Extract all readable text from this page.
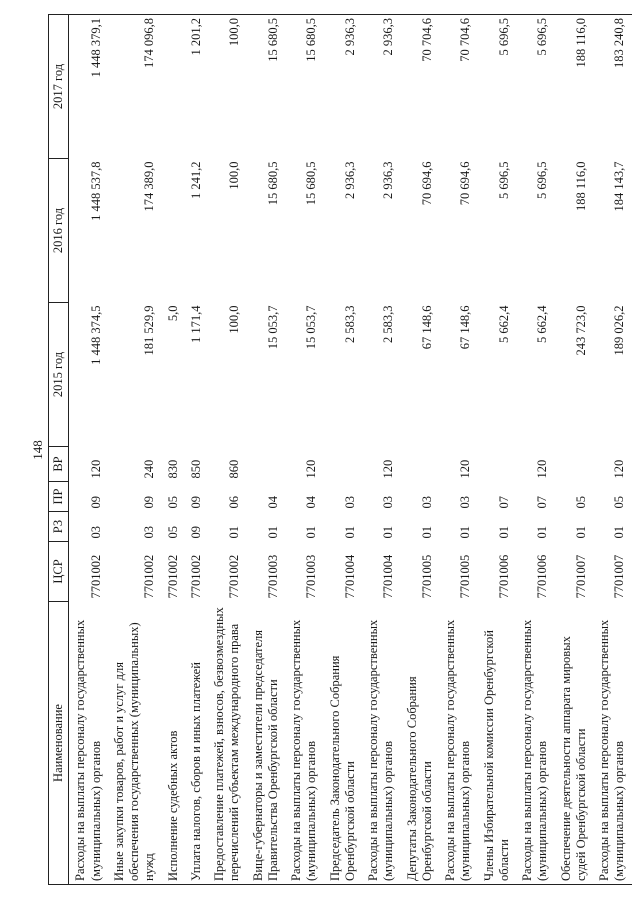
148
Наименование	ЦСР	РЗ	ПР	ВР	2015 год	2016 год	2017 год
Расходы на выплаты персоналу государственных (муниципальных) органов	7701002	03	09	120	1 448 374,5	1 448 537,8	1 448 379,1
Иные закупки товаров, работ и услуг для обеспечения государственных (муниципальных) нужд	7701002	03	09	240	181 529,9	174 389,0	174 096,8
Исполнение судебных актов	7701002	05	05	830	5,0		
Уплата налогов, сборов и иных платежей	7701002	09	09	850	1 171,4	1 241,2	1 201,2
Предоставление платежей, взносов, безвозмездных перечислений субъектам международного права	7701002	01	06	860	100,0	100,0	100,0
Вице-губернаторы и заместители председателя Правительства Оренбургской области	7701003	01	04		15 053,7	15 680,5	15 680,5
Расходы на выплаты персоналу государственных (муниципальных) органов	7701003	01	04	120	15 053,7	15 680,5	15 680,5
Председатель Законодательного Собрания Оренбургской области	7701004	01	03		2 583,3	2 936,3	2 936,3
Расходы на выплаты персоналу государственных (муниципальных) органов	7701004	01	03	120	2 583,3	2 936,3	2 936,3
Депутаты Законодательного Собрания Оренбургской области	7701005	01	03		67 148,6	70 694,6	70 704,6
Расходы на выплаты персоналу государственных (муниципальных) органов	7701005	01	03	120	67 148,6	70 694,6	70 704,6
Члены Избирательной комиссии Оренбургской области	7701006	01	07		5 662,4	5 696,5	5 696,5
Расходы на выплаты персоналу государственных (муниципальных) органов	7701006	01	07	120	5 662,4	5 696,5	5 696,5
Обеспечение деятельности аппарата мировых судей Оренбургской области	7701007	01	05		243 723,0	188 116,0	188 116,0
Расходы на выплаты персоналу государственных (муниципальных) органов	7701007	01	05	120	189 026,2	184 143,7	183 240,8
